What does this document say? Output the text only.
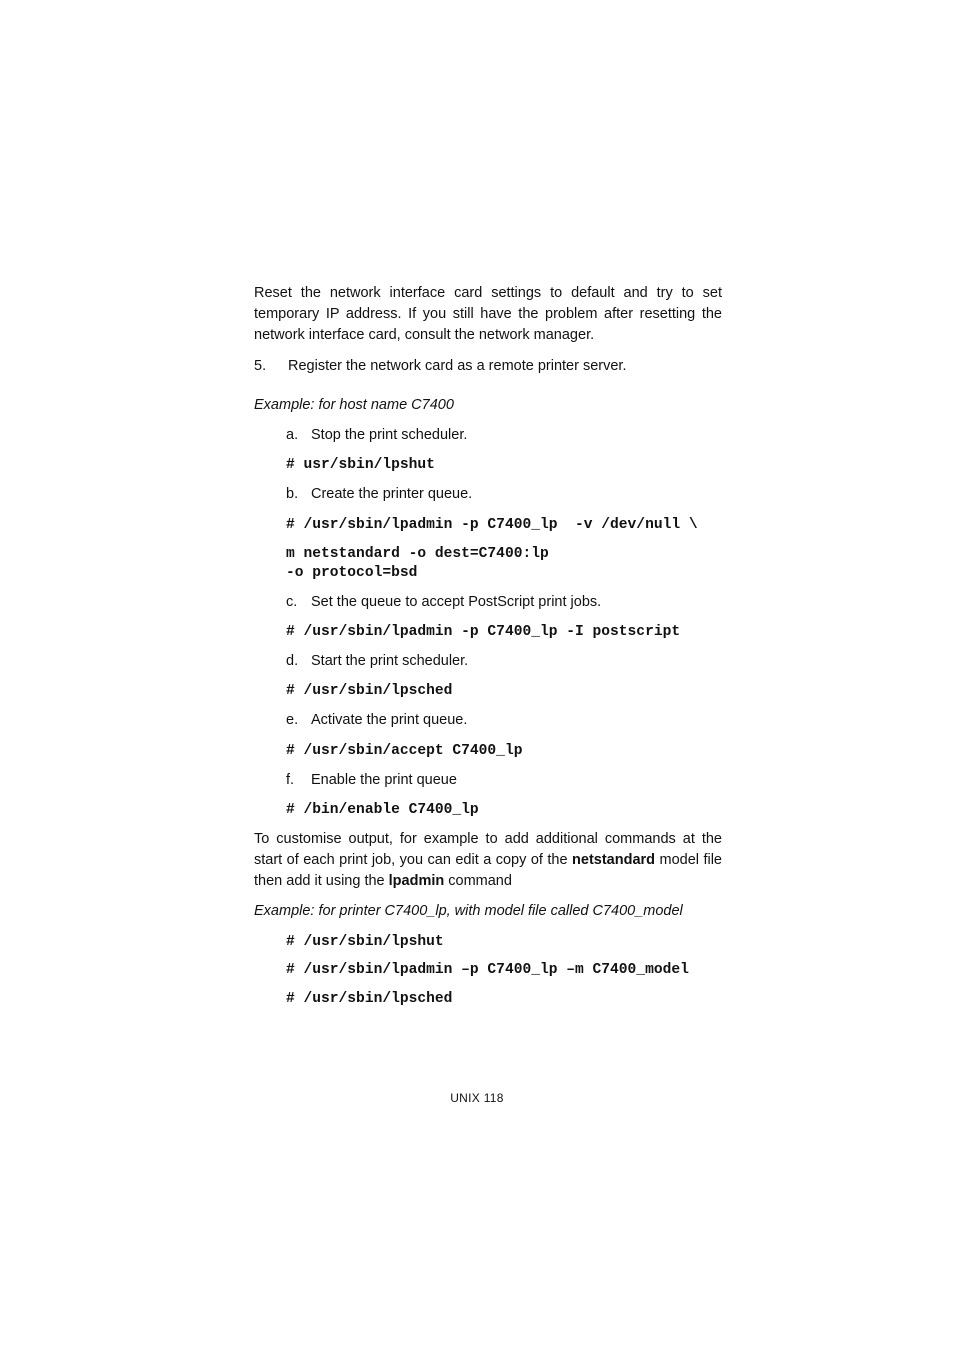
Reset the network interface card settings to default and try to set temporary IP address. If you still have the problem after resetting the network interface card, consult the network manager.
5. Register the network card as a remote printer server.
Example: for host name C7400
a. Stop the print scheduler.
# usr/sbin/lpshut
b. Create the printer queue.
# /usr/sbin/lpadmin -p C7400_lp  -v /dev/null \
m netstandard -o dest=C7400:lp
-o protocol=bsd
c. Set the queue to accept PostScript print jobs.
# /usr/sbin/lpadmin -p C7400_lp -I postscript
d. Start the print scheduler.
# /usr/sbin/lpsched
e. Activate the print queue.
# /usr/sbin/accept C7400_lp
f. Enable the print queue
# /bin/enable C7400_lp
To customise output, for example to add additional commands at the start of each print job, you can edit a copy of the netstandard model file then add it using the lpadmin command
Example: for printer C7400_lp, with model file called C7400_model
# /usr/sbin/lpshut
# /usr/sbin/lpadmin –p C7400_lp –m C7400_model
# /usr/sbin/lpsched
UNIX 118
